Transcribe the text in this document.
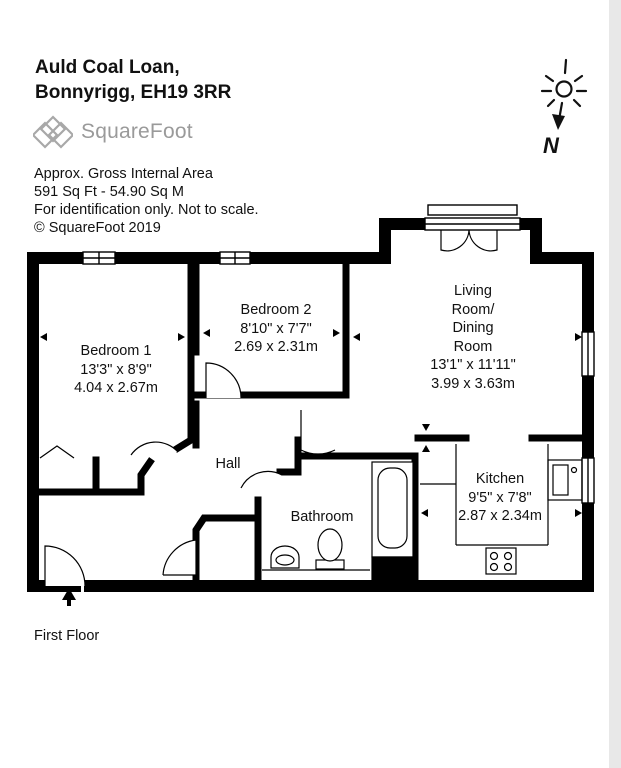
Auld Coal Loan,
Bonnyrigg, EH19 3RR
SquareFoot
Approx. Gross Internal Area
591 Sq Ft - 54.90 Sq M
For identification only. Not to scale.
© SquareFoot 2019
N
Bedroom 1
13'3" x 8'9"
4.04 x 2.67m
Bedroom 2
8'10" x 7'7"
2.69 x 2.31m
Living
Room/
Dining
Room
13'1" x 11'11"
3.99 x 3.63m
Hall
Bathroom
Kitchen
9'5" x 7'8"
2.87 x 2.34m
First Floor
